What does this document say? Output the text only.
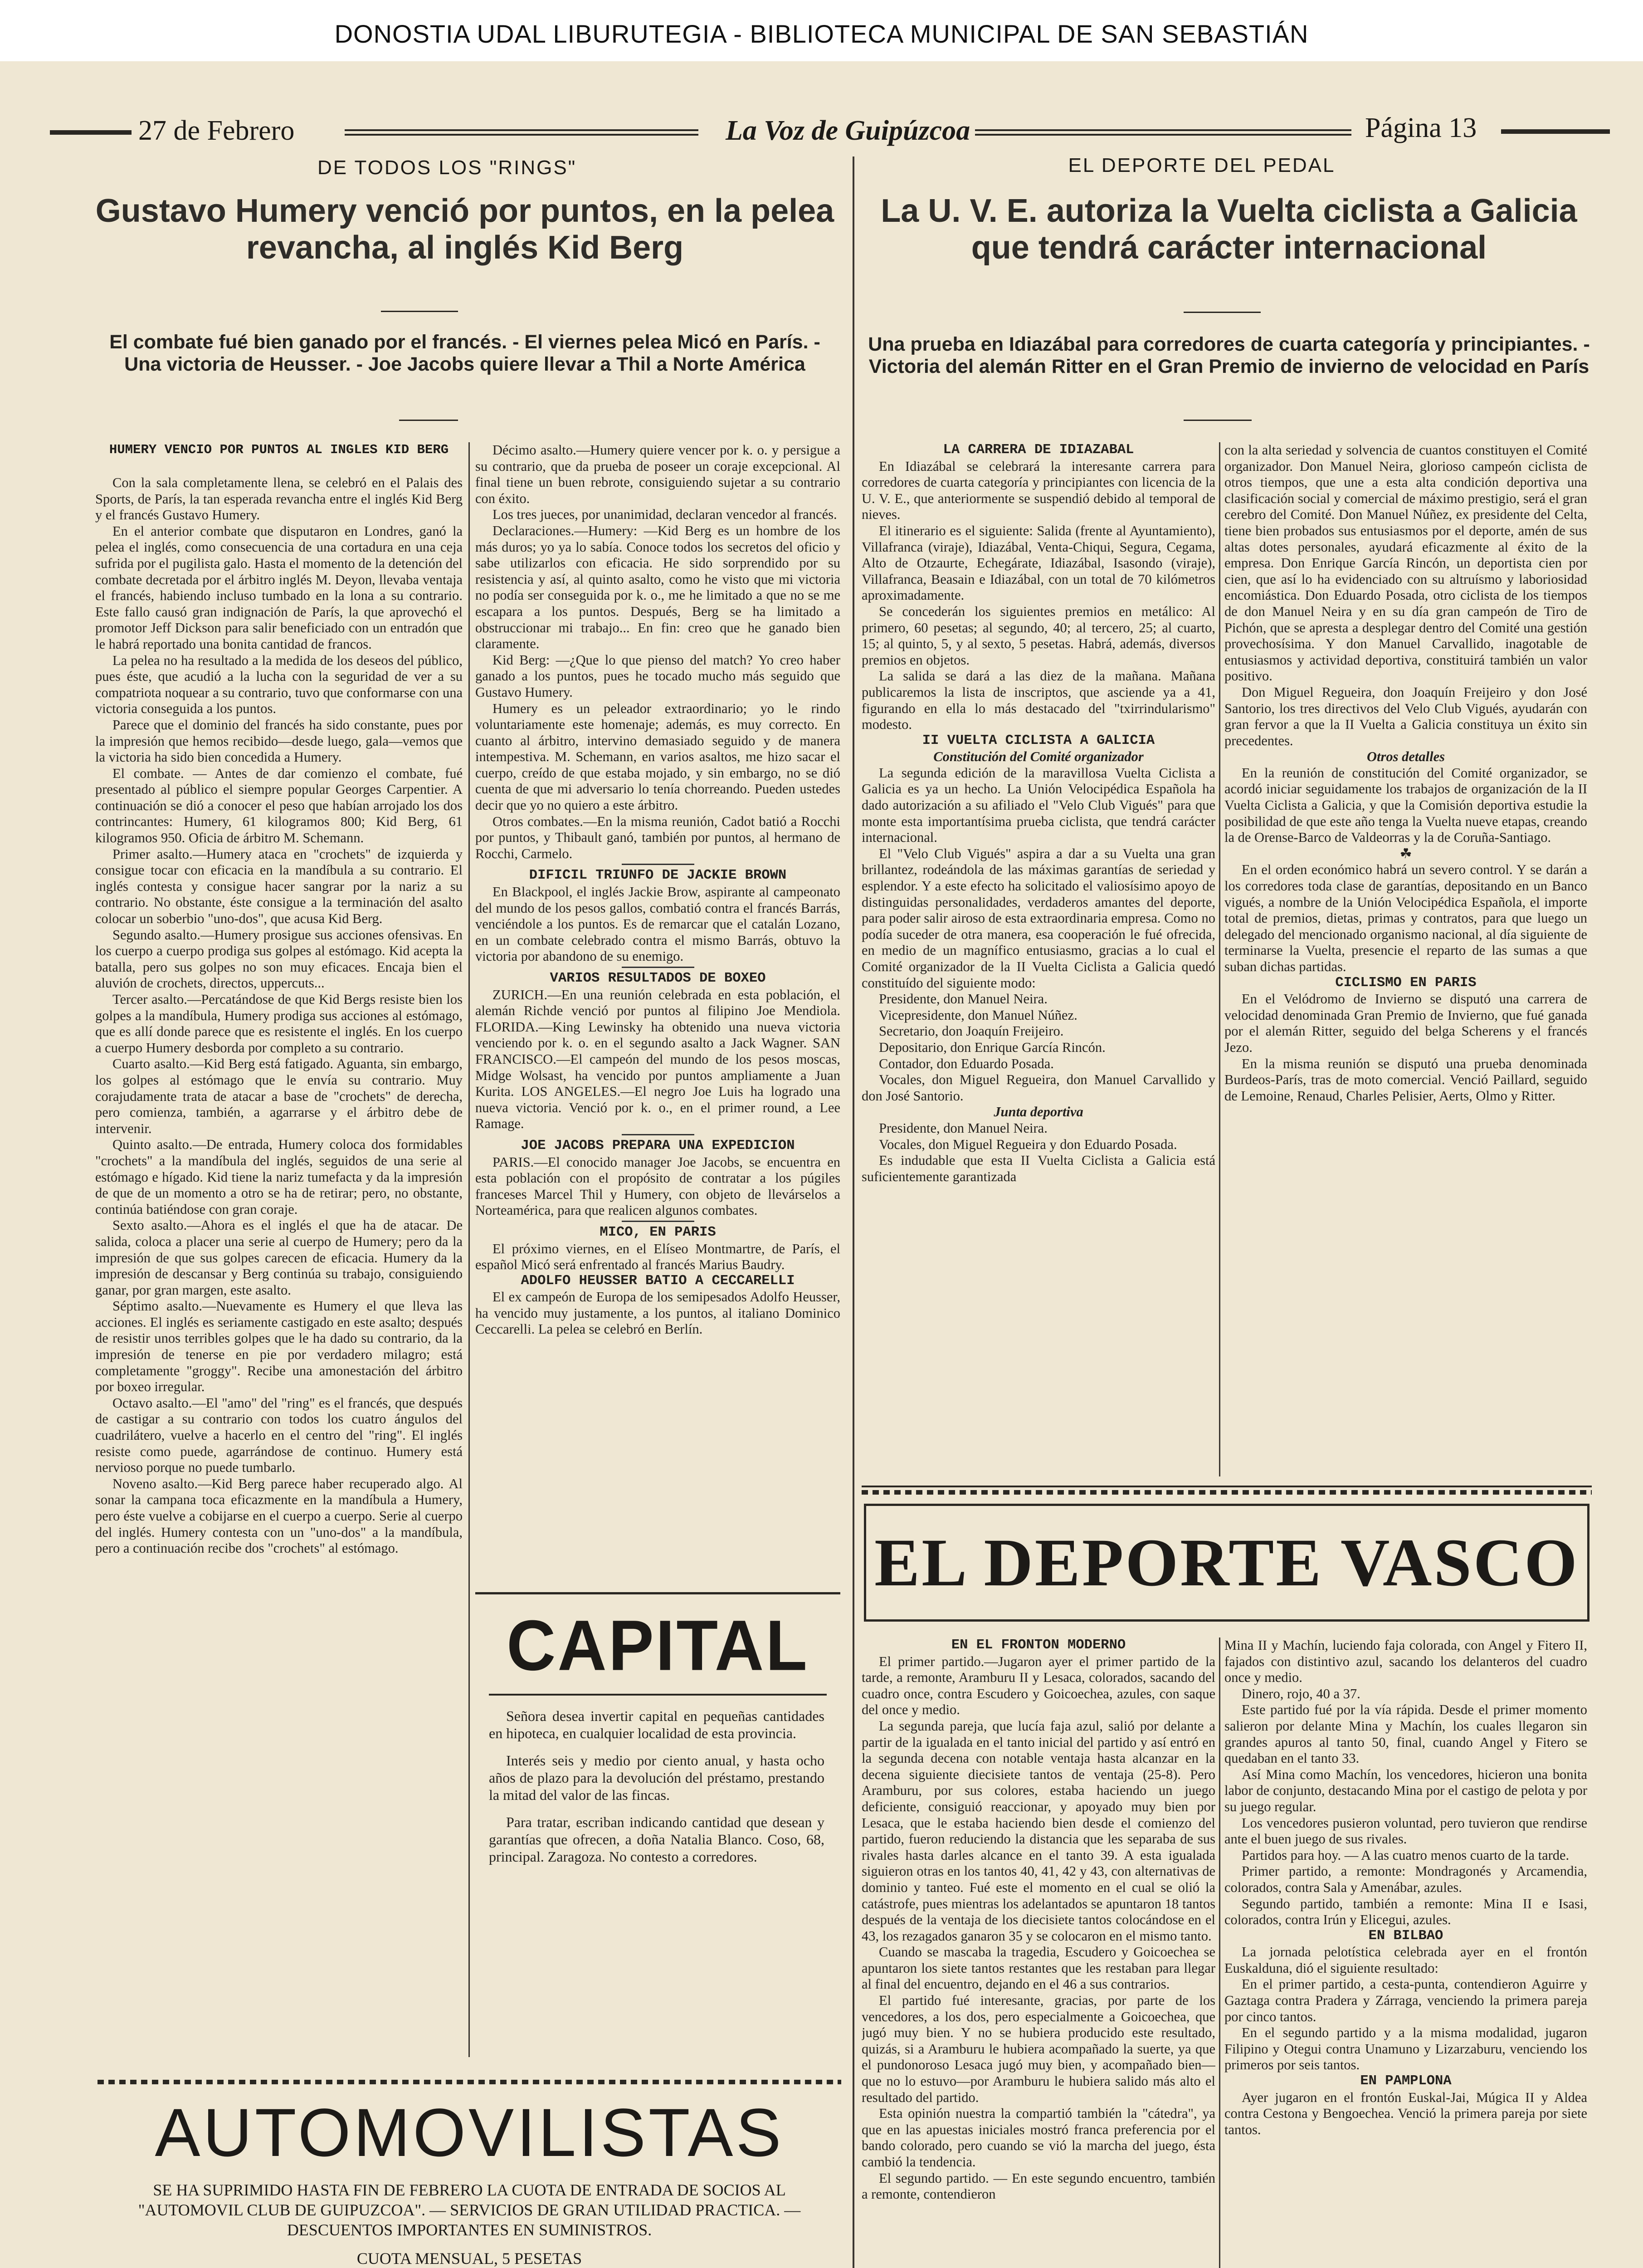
DONOSTIA UDAL LIBURUTEGIA - BIBLIOTECA MUNICIPAL DE SAN SEBASTIÁN
27 de Febrero	La Voz de Guipúzcoa	Página 13
DE TODOS LOS "RINGS"
Gustavo Humery venció por puntos, en la pelea revancha, al inglés Kid Berg
El combate fué bien ganado por el francés. - El viernes pelea Micó en París. - Una victoria de Heusser. - Joe Jacobs quiere llevar a Thil a Norte América
HUMERY VENCIO POR PUNTOS AL INGLES KID BERG

Con la sala completamente llena, se celebró en el Palais des Sports, de París, la tan esperada revancha entre el inglés Kid Berg y el francés Gustavo Humery.

En el anterior combate que disputaron en Londres, ganó la pelea el inglés, como consecuencia de una cortadura en una ceja sufrida por el pugilista galo. Hasta el momento de la detención del combate decretada por el árbitro inglés M. Deyon, llevaba ventaja el francés, habiendo incluso tumbado en la lona a su contrario. Este fallo causó gran indignación de París, la que aprovechó el promotor Jeff Dickson para salir beneficiado con un entradón que le habrá reportado una bonita cantidad de francos.

La pelea no ha resultado a la medida de los deseos del público, pues éste, que acudió a la lucha con la seguridad de ver a su compatriota noquear a su contrario, tuvo que conformarse con una victoria conseguida a los puntos.

Parece que el dominio del francés ha sido constante, pues por la impresión que hemos recibido—desde luego, gala—vemos que la victoria ha sido bien concedida a Humery.

El combate. — Antes de dar comienzo el combate, fué presentado al público el siempre popular Georges Carpentier. A continuación se dió a conocer el peso que habían arrojado los dos contrincantes: Humery, 61 kilogramos 800; Kid Berg, 61 kilogramos 950. Oficia de árbitro M. Schemann.

Primer asalto.—Humery ataca en "crochets" de izquierda y consigue tocar con eficacia en la mandíbula a su contrario. El inglés contesta y consigue hacer sangrar por la nariz a su contrario. No obstante, éste consigue a la terminación del asalto colocar un soberbio "uno-dos", que acusa Kid Berg.

Segundo asalto.—Humery prosigue sus acciones ofensivas. En los cuerpo a cuerpo prodiga sus golpes al estómago. Kid acepta la batalla, pero sus golpes no son muy eficaces. Encaja bien el aluvión de crochets, directos, uppercuts...

Tercer asalto.—Percatándose de que Kid Bergs resiste bien los golpes a la mandíbula, Humery prodiga sus acciones al estómago, que es allí donde parece que es resistente el inglés. En los cuerpo a cuerpo Humery desborda por completo a su contrario.

Cuarto asalto.—Kid Berg está fatigado. Aguanta, sin embargo, los golpes al estómago que le envía su contrario. Muy corajudamente trata de atacar a base de "crochets" de derecha, pero comienza, también, a agarrarse y el árbitro debe de intervenir.

Quinto asalto.—De entrada, Humery coloca dos formidables "crochets" a la mandíbula del inglés, seguidos de una serie al estómago e hígado. Kid tiene la nariz tumefacta y da la impresión de que de un momento a otro se ha de retirar; pero, no obstante, continúa batiéndose con gran coraje.

Sexto asalto.—Ahora es el inglés el que ha de atacar. De salida, coloca a placer una serie al cuerpo de Humery; pero da la impresión de que sus golpes carecen de eficacia. Humery da la impresión de descansar y Berg continúa su trabajo, consiguiendo ganar, por gran margen, este asalto.

Séptimo asalto.—Nuevamente es Humery el que lleva las acciones. El inglés es seriamente castigado en este asalto; después de resistir unos terribles golpes que le ha dado su contrario, da la impresión de tenerse en pie por verdadero milagro; está completamente "groggy". Recibe una amonestación del árbitro por boxeo irregular.

Octavo asalto.—El "amo" del "ring" es el francés, que después de castigar a su contrario con todos los cuatro ángulos del cuadrilátero, vuelve a hacerlo en el centro del "ring". El inglés resiste como puede, agarrándose de continuo. Humery está nervioso porque no puede tumbarlo.

Noveno asalto.—Kid Berg parece haber recuperado algo. Al sonar la campana toca eficazmente en la mandíbula a Humery, pero éste vuelve a cobijarse en el cuerpo a cuerpo. Serie al cuerpo del inglés. Humery contesta con un "uno-dos" a la mandíbula, pero a continuación recibe dos "crochets" al estómago.

Décimo asalto.—Humery quiere vencer por k. o. y persigue a su contrario, que da prueba de poseer un coraje excepcional. Al final tiene un buen rebrote, consiguiendo sujetar a su contrario con éxito.

Los tres jueces, por unanimidad, declaran vencedor al francés.

Declaraciones.—Humery: —Kid Berg es un hombre de los más duros; yo ya lo sabía. Conoce todos los secretos del oficio y sabe utilizarlos con eficacia. He sido sorprendido por su resistencia y así, al quinto asalto, como he visto que mi victoria no podía ser conseguida por k. o., me he limitado a que no se me escapara a los puntos. Después, Berg se ha limitado a obstruccionar mi trabajo... En fin: creo que he ganado bien claramente.

Kid Berg: —¿Que lo que pienso del match? Yo creo haber ganado a los puntos, pues he tocado mucho más seguido que Gustavo Humery.

Humery es un peleador extraordinario; yo le rindo voluntariamente este homenaje; además, es muy correcto. En cuanto al árbitro, intervino demasiado seguido y de manera intempestiva. M. Schemann, en varios asaltos, me hizo sacar el cuerpo, creído de que estaba mojado, y sin embargo, no se dió cuenta de que mi adversario lo tenía chorreando. Pueden ustedes decir que yo no quiero a este árbitro.

Otros combates.—En la misma reunión, Cadot batió a Rocchi por puntos, y Thibault ganó, también por puntos, al hermano de Rocchi, Carmelo.

DIFICIL TRIUNFO DE JACKIE BROWN

En Blackpool, el inglés Jackie Brow, aspirante al campeonato del mundo de los pesos gallos, combatió contra el francés Barrás, venciéndole a los puntos. Es de remarcar que el catalán Lozano, en un combate celebrado contra el mismo Barrás, obtuvo la victoria por abandono de su enemigo.

VARIOS RESULTADOS DE BOXEO

ZURICH.—En una reunión celebrada en esta población, el alemán Richde venció por puntos al filipino Joe Mendiola. FLORIDA.—King Lewinsky ha obtenido una nueva victoria venciendo por k. o. en el segundo asalto a Jack Wagner. SAN FRANCISCO.—El campeón del mundo de los pesos moscas, Midge Wolsast, ha vencido por puntos ampliamente a Juan Kurita. LOS ANGELES.—El negro Joe Luis ha logrado una nueva victoria. Venció por k. o., en el primer round, a Lee Ramage.

JOE JACOBS PREPARA UNA EXPEDICION

PARIS.—El conocido manager Joe Jacobs, se encuentra en esta población con el propósito de contratar a los púgiles franceses Marcel Thil y Humery, con objeto de llevárselos a Norteamérica, para que realicen algunos combates.

MICO, EN PARIS

El próximo viernes, en el Elíseo Montmartre, de París, el español Micó será enfrentado al francés Marius Baudry.

ADOLFO HEUSSER BATIO A CECCARELLI

El ex campeón de Europa de los semipesados Adolfo Heusser, ha vencido muy justamente, a los puntos, al italiano Dominico Ceccarelli. La pelea se celebró en Berlín.

CAPITAL

Señora desea invertir capital en pequeñas cantidades en hipoteca, en cualquier localidad de esta provincia.

Interés seis y medio por ciento anual, y hasta ocho años de plazo para la devolución del préstamo, prestando la mitad del valor de las fincas.

Para tratar, escriban indicando cantidad que desean y garantías que ofrecen, a doña Natalia Blanco. Coso, 68, principal. Zaragoza. No contesto a corredores.

AUTOMOVILISTAS
SE HA SUPRIMIDO HASTA FIN DE FEBRERO LA CUOTA DE ENTRADA DE SOCIOS AL "AUTOMOVIL CLUB DE GUIPUZCOA". — SERVICIOS DE GRAN UTILIDAD PRACTICA. — DESCUENTOS IMPORTANTES EN SUMINISTROS.
CUOTA MENSUAL, 5 PESETAS
EL DEPORTE DEL PEDAL
La U. V. E. autoriza la Vuelta ciclista a Galicia que tendrá carácter internacional
Una prueba en Idiazábal para corredores de cuarta categoría y principiantes. - Victoria del alemán Ritter en el Gran Premio de invierno de velocidad en París
LA CARRERA DE IDIAZABAL

En Idiazábal se celebrará la interesante carrera para corredores de cuarta categoría y principiantes con licencia de la U. V. E., que anteriormente se suspendió debido al temporal de nieves.

El itinerario es el siguiente: Salida (frente al Ayuntamiento), Villafranca (viraje), Idiazábal, Venta-Chiqui, Segura, Cegama, Alto de Otzaurte, Echegárate, Idiazábal, Isasondo (viraje), Villafranca, Beasain e Idiazábal, con un total de 70 kilómetros aproximadamente.

Se concederán los siguientes premios en metálico: Al primero, 60 pesetas; al segundo, 40; al tercero, 25; al cuarto, 15; al quinto, 5, y al sexto, 5 pesetas. Habrá, además, diversos premios en objetos.

La salida se dará a las diez de la mañana. Mañana publicaremos la lista de inscriptos, que asciende ya a 41, figurando en ella lo más destacado del "txirrindularismo" modesto.

II VUELTA CICLISTA A GALICIA
Constitución del Comité organizador

La segunda edición de la maravillosa Vuelta Ciclista a Galicia es ya un hecho. La Unión Velocipédica Española ha dado autorización a su afiliado el "Velo Club Vigués" para que monte esta importantísima prueba ciclista, que tendrá carácter internacional.

El "Velo Club Vigués" aspira a dar a su Vuelta una gran brillantez, rodeándola de las máximas garantías de seriedad y esplendor. Y a este efecto ha solicitado el valiosísimo apoyo de distinguidas personalidades, verdaderos amantes del deporte, para poder salir airoso de esta extraordinaria empresa. Como no podía suceder de otra manera, esa cooperación le fué ofrecida, en medio de un magnífico entusiasmo, gracias a lo cual el Comité organizador de la II Vuelta Ciclista a Galicia quedó constituído del siguiente modo:

Presidente, don Manuel Neira.

Vicepresidente, don Manuel Núñez.

Secretario, don Joaquín Freijeiro.

Depositario, don Enrique García Rincón.

Contador, don Eduardo Posada.

Vocales, don Miguel Regueira, don Manuel Carvallido y don José Santorio.

Junta deportiva

Presidente, don Manuel Neira.

Vocales, don Miguel Regueira y don Eduardo Posada.

Es indudable que esta II Vuelta Ciclista a Galicia está suficientemente garantizada

con la alta seriedad y solvencia de cuantos constituyen el Comité organizador. Don Manuel Neira, glorioso campeón ciclista de otros tiempos, que une a esta alta condición deportiva una clasificación social y comercial de máximo prestigio, será el gran cerebro del Comité. Don Manuel Núñez, ex presidente del Celta, tiene bien probados sus entusiasmos por el deporte, amén de sus altas dotes personales, ayudará eficazmente al éxito de la empresa. Don Enrique García Rincón, un deportista cien por cien, que así lo ha evidenciado con su altruísmo y laboriosidad encomiástica. Don Eduardo Posada, otro ciclista de los tiempos de don Manuel Neira y en su día gran campeón de Tiro de Pichón, que se apresta a desplegar dentro del Comité una gestión provechosísima. Y don Manuel Carvallido, inagotable de entusiasmos y actividad deportiva, constituirá también un valor positivo.

Don Miguel Regueira, don Joaquín Freijeiro y don José Santorio, los tres directivos del Velo Club Vigués, ayudarán con gran fervor a que la II Vuelta a Galicia constituya un éxito sin precedentes.

Otros detalles

En la reunión de constitución del Comité organizador, se acordó iniciar seguidamente los trabajos de organización de la II Vuelta Ciclista a Galicia, y que la Comisión deportiva estudie la posibilidad de que este año tenga la Vuelta nueve etapas, creando la de Orense-Barco de Valdeorras y la de Coruña-Santiago.

☘

En el orden económico habrá un severo control. Y se darán a los corredores toda clase de garantías, depositando en un Banco vigués, a nombre de la Unión Velocipédica Española, el importe total de premios, dietas, primas y contratos, para que luego un delegado del mencionado organismo nacional, al día siguiente de terminarse la Vuelta, presencie el reparto de las sumas a que suban dichas partidas.

CICLISMO EN PARIS

En el Velódromo de Invierno se disputó una carrera de velocidad denominada Gran Premio de Invierno, que fué ganada por el alemán Ritter, seguido del belga Scherens y el francés Jezo.

En la misma reunión se disputó una prueba denominada Burdeos-París, tras de moto comercial. Venció Paillard, seguido de Lemoine, Renaud, Charles Pelisier, Aerts, Olmo y Ritter.

EL DEPORTE VASCO
EN EL FRONTON MODERNO

El primer partido.—Jugaron ayer el primer partido de la tarde, a remonte, Aramburu II y Lesaca, colorados, sacando del cuadro once, contra Escudero y Goicoechea, azules, con saque del once y medio.

La segunda pareja, que lucía faja azul, salió por delante a partir de la igualada en el tanto inicial del partido y así entró en la segunda decena con notable ventaja hasta alcanzar en la decena siguiente diecisiete tantos de ventaja (25-8). Pero Aramburu, por sus colores, estaba haciendo un juego deficiente, consiguió reaccionar, y apoyado muy bien por Lesaca, que le estaba haciendo bien desde el comienzo del partido, fueron reduciendo la distancia que les separaba de sus rivales hasta darles alcance en el tanto 39. A esta igualada siguieron otras en los tantos 40, 41, 42 y 43, con alternativas de dominio y tanteo. Fué este el momento en el cual se olió la catástrofe, pues mientras los adelantados se apuntaron 18 tantos después de la ventaja de los diecisiete tantos colocándose en el 43, los rezagados ganaron 35 y se colocaron en el mismo tanto.

Cuando se mascaba la tragedia, Escudero y Goicoechea se apuntaron los siete tantos restantes que les restaban para llegar al final del encuentro, dejando en el 46 a sus contrarios.

El partido fué interesante, gracias, por parte de los vencedores, a los dos, pero especialmente a Goicoechea, que jugó muy bien. Y no se hubiera producido este resultado, quizás, si a Aramburu le hubiera acompañado la suerte, ya que el pundonoroso Lesaca jugó muy bien, y acompañado bien—que no lo estuvo—por Aramburu le hubiera salido más alto el resultado del partido.

Esta opinión nuestra la compartió también la "cátedra", ya que en las apuestas iniciales mostró franca preferencia por el bando colorado, pero cuando se vió la marcha del juego, ésta cambió la tendencia.

El segundo partido. — En este segundo encuentro, también a remonte, contendieron

Mina II y Machín, luciendo faja colorada, con Angel y Fitero II, fajados con distintivo azul, sacando los delanteros del cuadro once y medio.

Dinero, rojo, 40 a 37.

Este partido fué por la vía rápida. Desde el primer momento salieron por delante Mina y Machín, los cuales llegaron sin grandes apuros al tanto 50, final, cuando Angel y Fitero se quedaban en el tanto 33.

Así Mina como Machín, los vencedores, hicieron una bonita labor de conjunto, destacando Mina por el castigo de pelota y por su juego regular.

Los vencedores pusieron voluntad, pero tuvieron que rendirse ante el buen juego de sus rivales.

Partidos para hoy. — A las cuatro menos cuarto de la tarde.

Primer partido, a remonte: Mondragonés y Arcamendia, colorados, contra Sala y Amenábar, azules.

Segundo partido, también a remonte: Mina II e Isasi, colorados, contra Irún y Elicegui, azules.

EN BILBAO

La jornada pelotística celebrada ayer en el frontón Euskalduna, dió el siguiente resultado:

En el primer partido, a cesta-punta, contendieron Aguirre y Gaztaga contra Pradera y Zárraga, venciendo la primera pareja por cinco tantos.

En el segundo partido y a la misma modalidad, jugaron Filipino y Otegui contra Unamuno y Lizarzaburu, venciendo los primeros por seis tantos.

EN PAMPLONA

Ayer jugaron en el frontón Euskal-Jai, Múgica II y Aldea contra Cestona y Bengoechea. Venció la primera pareja por siete tantos.
